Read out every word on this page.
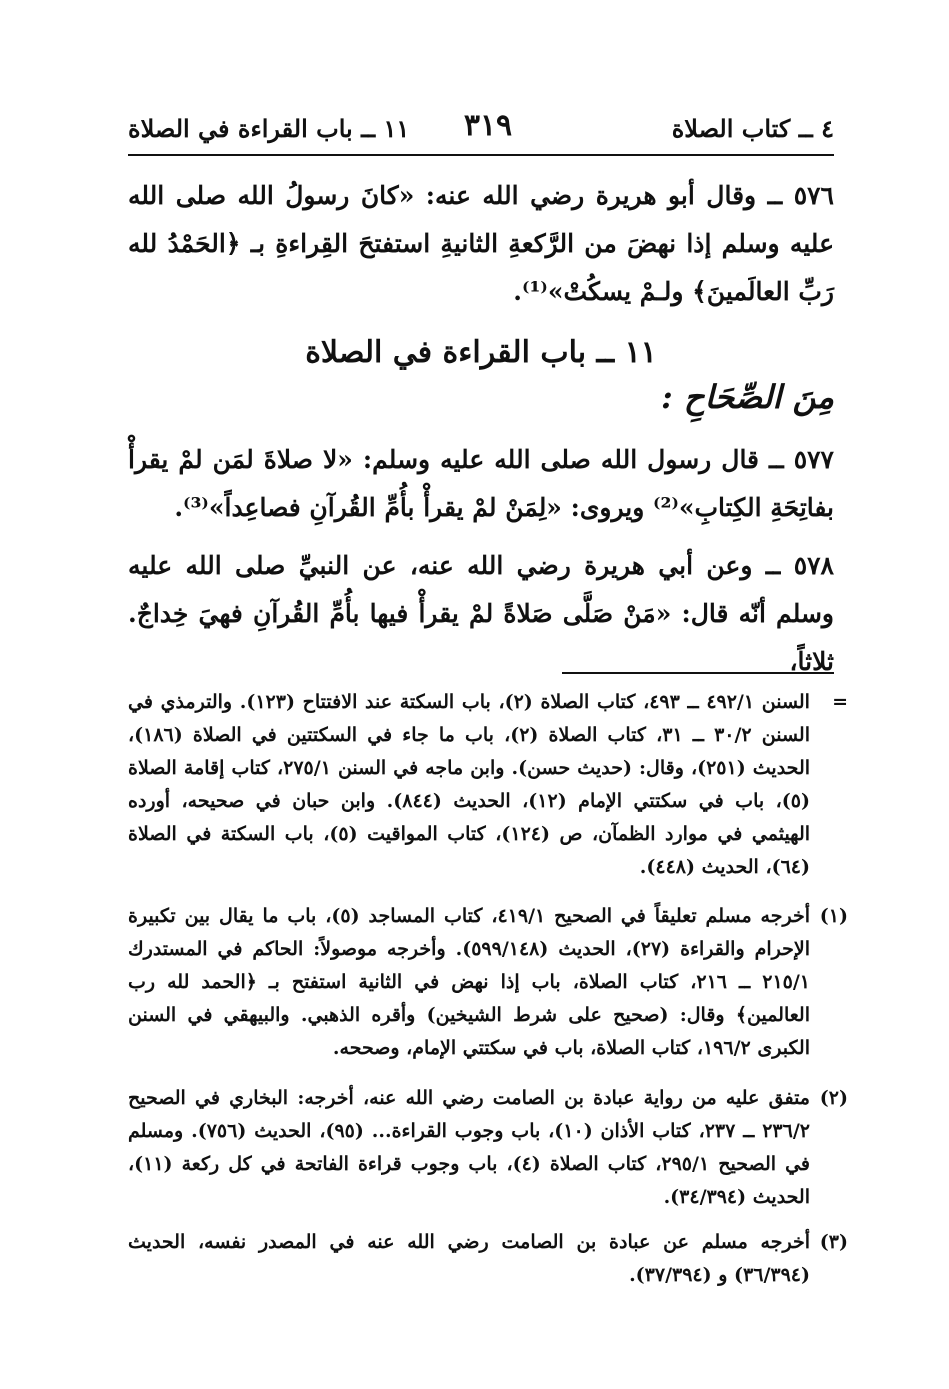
٤ ــ كتاب الصلاة
٣١٩
١١ ــ باب القراءة في الصلاة
٥٧٦ ــ وقال أبو هريرة رضي الله عنه: «كانَ رسولُ الله صلى الله عليه وسلم إذا نهضَ من الرَّكعةِ الثانيةِ استفتحَ القِراءةِ بـ ﴿الحَمْدُ لله رَبِّ العالَمينَ﴾ ولـمْ يسكُتْ»⁽¹⁾.
١١ ــ باب القراءة في الصلاة
مِنَ الصِّحَاحِ :
٥٧٧ ــ قال رسول الله صلى الله عليه وسلم: «لا صلاةَ لمَن لمْ يقرأْ بفاتِحَةِ الكِتابِ»⁽²⁾ ويروى: «لِمَنْ لمْ يقرأْ بأُمِّ القُرآنِ فصاعِداً»⁽³⁾.
٥٧٨ ــ وعن أبي هريرة رضي الله عنه، عن النبيِّ صلى الله عليه وسلم أنّه قال: «مَنْ صَلَّى صَلاةً لمْ يقرأْ فيها بأُمِّ القُرآنِ فهيَ خِداجٌ. ثلاثاً،
=
السنن ٤٩٢/١ ــ ٤٩٣، كتاب الصلاة (٢)، باب السكتة عند الافتتاح (١٢٣). والترمذي في السنن ٣٠/٢ ــ ٣١، كتاب الصلاة (٢)، باب ما جاء في السكتتين في الصلاة (١٨٦)، الحديث (٢٥١)، وقال: (حديث حسن). وابن ماجه في السنن ٢٧٥/١، كتاب إقامة الصلاة (٥)، باب في سكتتي الإمام (١٢)، الحديث (٨٤٤). وابن حبان في صحيحه، أورده الهيثمي في موارد الظمآن، ص (١٢٤)، كتاب المواقيت (٥)، باب السكتة في الصلاة (٦٤)، الحديث (٤٤٨).
(١)
أخرجه مسلم تعليقاً في الصحيح ٤١٩/١، كتاب المساجد (٥)، باب ما يقال بين تكبيرة الإحرام والقراءة (٢٧)، الحديث (٥٩٩/١٤٨). وأخرجه موصولاً: الحاكم في المستدرك ٢١٥/١ ــ ٢١٦، كتاب الصلاة، باب إذا نهض في الثانية استفتح بـ ﴿الحمد لله رب العالمين﴾ وقال: (صحيح على شرط الشيخين) وأقره الذهبي. والبيهقي في السنن الكبرى ١٩٦/٢، كتاب الصلاة، باب في سكتتي الإمام، وصححه.
(٢)
متفق عليه من رواية عبادة بن الصامت رضي الله عنه، أخرجه: البخاري في الصحيح ٢٣٦/٢ ــ ٢٣٧، كتاب الأذان (١٠)، باب وجوب القراءة... (٩٥)، الحديث (٧٥٦). ومسلم في الصحيح ٢٩٥/١، كتاب الصلاة (٤)، باب وجوب قراءة الفاتحة في كل ركعة (١١)، الحديث (٣٤/٣٩٤).
(٣)
أخرجه مسلم عن عبادة بن الصامت رضي الله عنه في المصدر نفسه، الحديث (٣٦/٣٩٤) و (٣٧/٣٩٤).
